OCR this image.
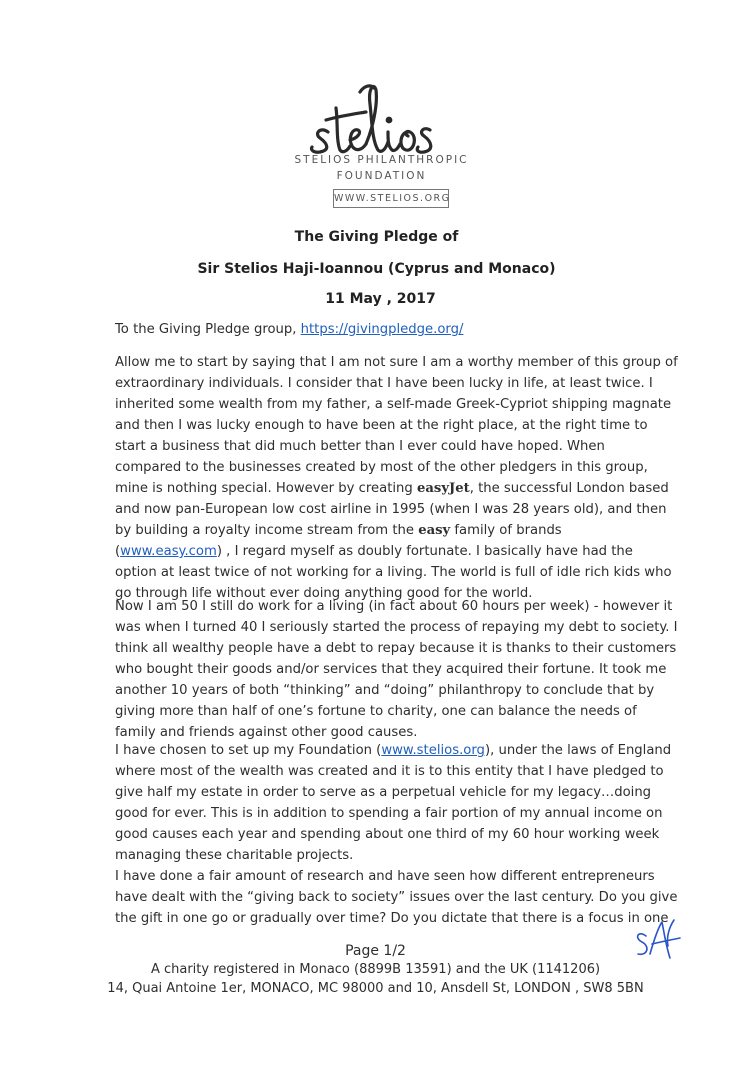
STELIOS PHILANTHROPIC
FOUNDATION
WWW.STELIOS.ORG
The Giving Pledge of
Sir Stelios Haji-Ioannou (Cyprus and Monaco)
11 May , 2017
To the Giving Pledge group, https://givingpledge.org/
Allow me to start by saying that I am not sure I am a worthy member of this group of
extraordinary individuals. I consider that I have been lucky in life, at least twice. I
inherited some wealth from my father, a self-made Greek-Cypriot shipping magnate
and then I was lucky enough to have been at the right place, at the right time to
start a business that did much better than I ever could have hoped. When
compared to the businesses created by most of the other pledgers in this group,
mine is nothing special. However by creating easyJet, the successful London based
and now pan-European low cost airline in 1995 (when I was 28 years old), and then
by building a royalty income stream from the easy family of brands
(www.easy.com) , I regard myself as doubly fortunate. I basically have had the
option at least twice of not working for a living. The world is full of idle rich kids who
go through life without ever doing anything good for the world.
Now I am 50 I still do work for a living (in fact about 60 hours per week) - however it
was when I turned 40 I seriously started the process of repaying my debt to society. I
think all wealthy people have a debt to repay because it is thanks to their customers
who bought their goods and/or services that they acquired their fortune. It took me
another 10 years of both “thinking” and “doing” philanthropy to conclude that by
giving more than half of one’s fortune to charity, one can balance the needs of
family and friends against other good causes.
I have chosen to set up my Foundation (www.stelios.org), under the laws of England
where most of the wealth was created and it is to this entity that I have pledged to
give half my estate in order to serve as a perpetual vehicle for my legacy…doing
good for ever. This is in addition to spending a fair portion of my annual income on
good causes each year and spending about one third of my 60 hour working week
managing these charitable projects.
I have done a fair amount of research and have seen how different entrepreneurs
have dealt with the “giving back to society” issues over the last century. Do you give
the gift in one go or gradually over time? Do you dictate that there is a focus in one
Page 1/2
A charity registered in Monaco (8899B 13591) and the UK (1141206)
14, Quai Antoine 1er, MONACO, MC 98000 and 10, Ansdell St, LONDON , SW8 5BN
